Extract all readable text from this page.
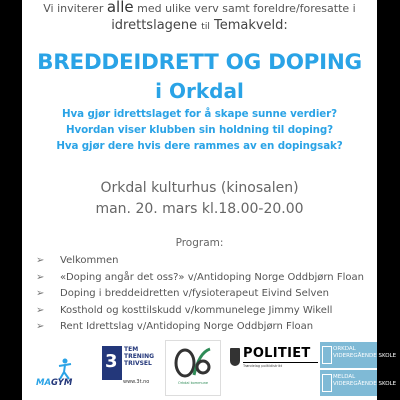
Vi inviterer alle med ulike verv samt foreldre/foresatte i
idrettslagene til Temakveld:
BREDDEIDRETT OG DOPING
i Orkdal
Hva gjør idrettslaget for å skape sunne verdier?
Hvordan viser klubben sin holdning til doping?
Hva gjør dere hvis dere rammes av en dopingsak?
Orkdal kulturhus (kinosalen)
man. 20. mars kl.18.00-20.00
Program:
➢ Velkommen
➢ «Doping angår det oss?» v/Antidoping Norge Oddbjørn Floan
➢ Doping i breddeidretten v/fysioterapeut Eivind Selven
➢ Kosthold og kosttilskudd v/kommunelege Jimmy Wikell
➢ Rent Idrettslag v/Antidoping Norge Oddbjørn Floan
MAGYM
3
TEM
TRENING
TRIVSEL
www.3t.no	Orkdal kommune
POLITIET
Trøndelag politidistrikt
ORKDAL
VIDEREGÅENDE SKOLE
MELDAL
VIDEREGÅENDE SKOLE
